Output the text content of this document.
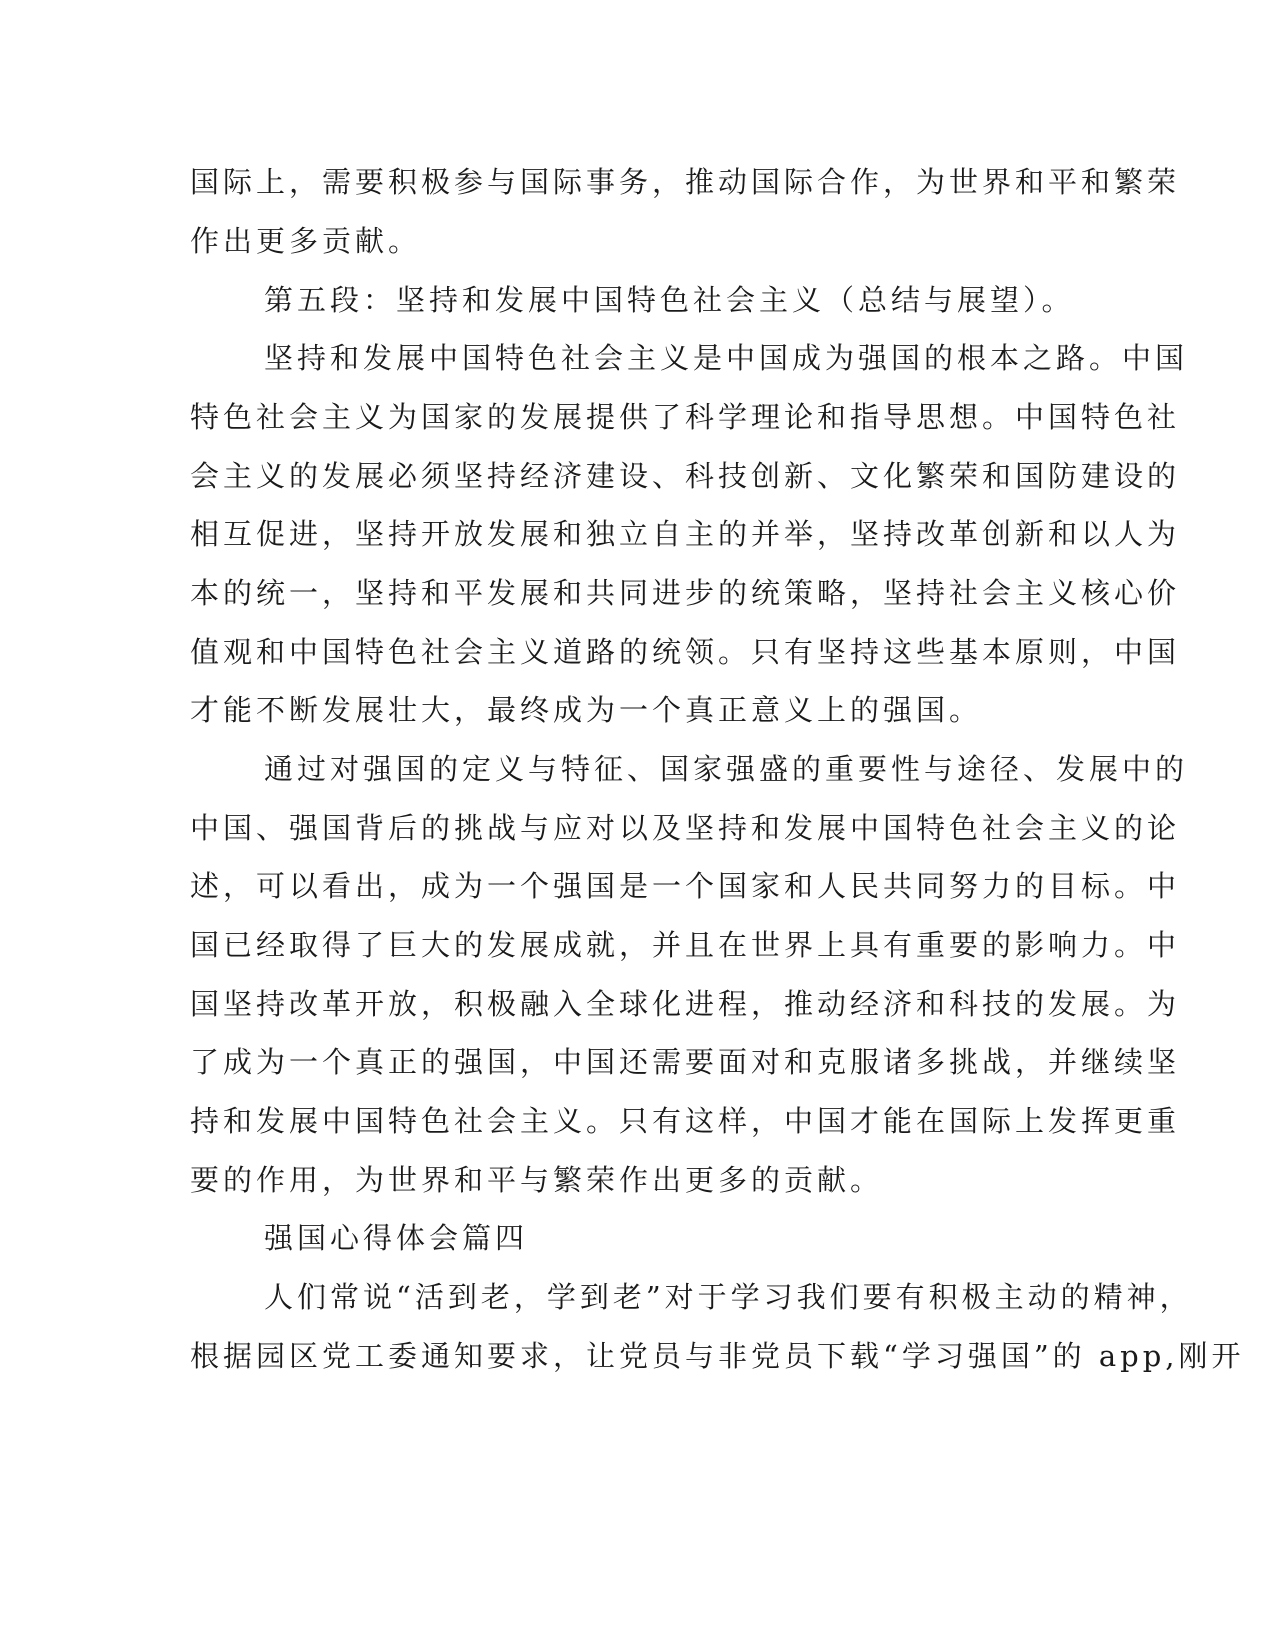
国际上，需要积极参与国际事务，推动国际合作，为世界和平和繁荣
作出更多贡献。
第五段：坚持和发展中国特色社会主义（总结与展望）。
坚持和发展中国特色社会主义是中国成为强国的根本之路。中国
特色社会主义为国家的发展提供了科学理论和指导思想。中国特色社
会主义的发展必须坚持经济建设、科技创新、文化繁荣和国防建设的
相互促进，坚持开放发展和独立自主的并举，坚持改革创新和以人为
本的统一，坚持和平发展和共同进步的统策略，坚持社会主义核心价
值观和中国特色社会主义道路的统领。只有坚持这些基本原则，中国
才能不断发展壮大，最终成为一个真正意义上的强国。
通过对强国的定义与特征、国家强盛的重要性与途径、发展中的
中国、强国背后的挑战与应对以及坚持和发展中国特色社会主义的论
述，可以看出，成为一个强国是一个国家和人民共同努力的目标。中
国已经取得了巨大的发展成就，并且在世界上具有重要的影响力。中
国坚持改革开放，积极融入全球化进程，推动经济和科技的发展。为
了成为一个真正的强国，中国还需要面对和克服诸多挑战，并继续坚
持和发展中国特色社会主义。只有这样，中国才能在国际上发挥更重
要的作用，为世界和平与繁荣作出更多的贡献。
强国心得体会篇四
人们常说“活到老，学到老”对于学习我们要有积极主动的精神，
根据园区党工委通知要求，让党员与非党员下载“学习强国”的 app,刚开
